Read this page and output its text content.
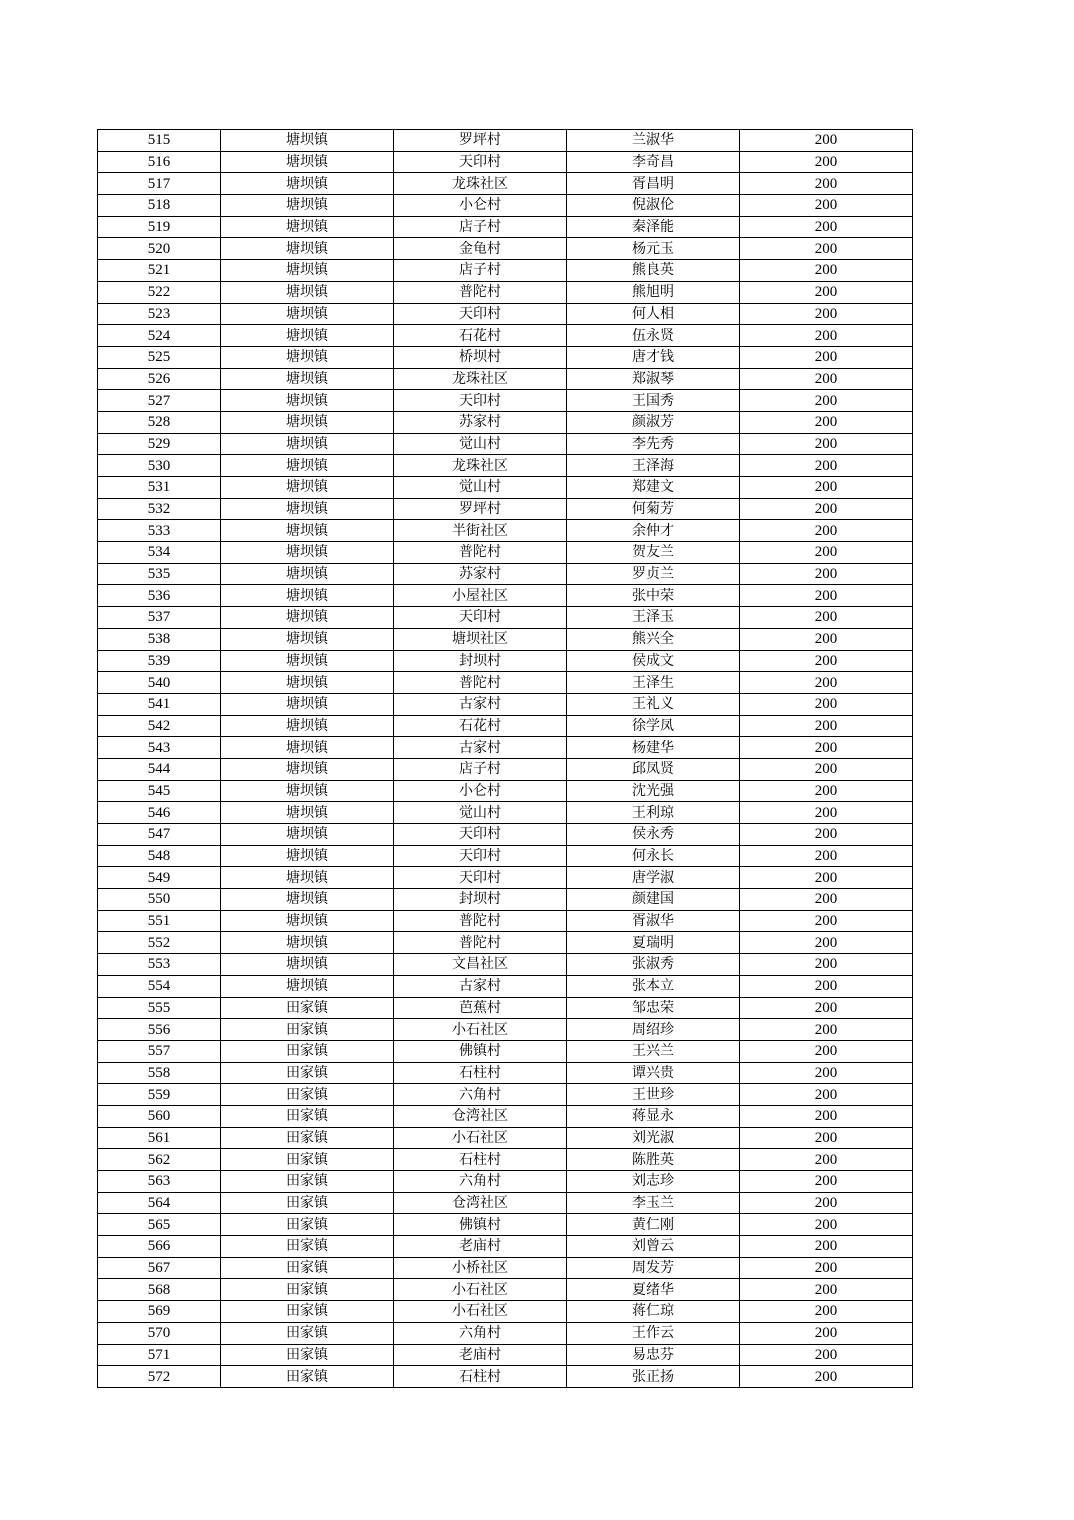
515	塘坝镇	罗坪村	兰淑华	200
516	塘坝镇	天印村	李奇昌	200
517	塘坝镇	龙珠社区	胥昌明	200
518	塘坝镇	小仑村	倪淑伦	200
519	塘坝镇	店子村	秦泽能	200
520	塘坝镇	金龟村	杨元玉	200
521	塘坝镇	店子村	熊良英	200
522	塘坝镇	普陀村	熊旭明	200
523	塘坝镇	天印村	何人相	200
524	塘坝镇	石花村	伍永贤	200
525	塘坝镇	桥坝村	唐才钱	200
526	塘坝镇	龙珠社区	郑淑琴	200
527	塘坝镇	天印村	王国秀	200
528	塘坝镇	苏家村	颜淑芳	200
529	塘坝镇	觉山村	李先秀	200
530	塘坝镇	龙珠社区	王泽海	200
531	塘坝镇	觉山村	郑建文	200
532	塘坝镇	罗坪村	何菊芳	200
533	塘坝镇	半街社区	余仲才	200
534	塘坝镇	普陀村	贺友兰	200
535	塘坝镇	苏家村	罗贞兰	200
536	塘坝镇	小屋社区	张中荣	200
537	塘坝镇	天印村	王泽玉	200
538	塘坝镇	塘坝社区	熊兴全	200
539	塘坝镇	封坝村	侯成文	200
540	塘坝镇	普陀村	王泽生	200
541	塘坝镇	古家村	王礼义	200
542	塘坝镇	石花村	徐学凤	200
543	塘坝镇	古家村	杨建华	200
544	塘坝镇	店子村	邱凤贤	200
545	塘坝镇	小仑村	沈光强	200
546	塘坝镇	觉山村	王利琼	200
547	塘坝镇	天印村	侯永秀	200
548	塘坝镇	天印村	何永长	200
549	塘坝镇	天印村	唐学淑	200
550	塘坝镇	封坝村	颜建国	200
551	塘坝镇	普陀村	胥淑华	200
552	塘坝镇	普陀村	夏瑞明	200
553	塘坝镇	文昌社区	张淑秀	200
554	塘坝镇	古家村	张本立	200
555	田家镇	芭蕉村	邹忠荣	200
556	田家镇	小石社区	周绍珍	200
557	田家镇	佛镇村	王兴兰	200
558	田家镇	石柱村	谭兴贵	200
559	田家镇	六角村	王世珍	200
560	田家镇	仓湾社区	蒋显永	200
561	田家镇	小石社区	刘光淑	200
562	田家镇	石柱村	陈胜英	200
563	田家镇	六角村	刘志珍	200
564	田家镇	仓湾社区	李玉兰	200
565	田家镇	佛镇村	黄仁刚	200
566	田家镇	老庙村	刘曾云	200
567	田家镇	小桥社区	周发芳	200
568	田家镇	小石社区	夏绪华	200
569	田家镇	小石社区	蒋仁琼	200
570	田家镇	六角村	王作云	200
571	田家镇	老庙村	易忠芬	200
572	田家镇	石柱村	张正扬	200
